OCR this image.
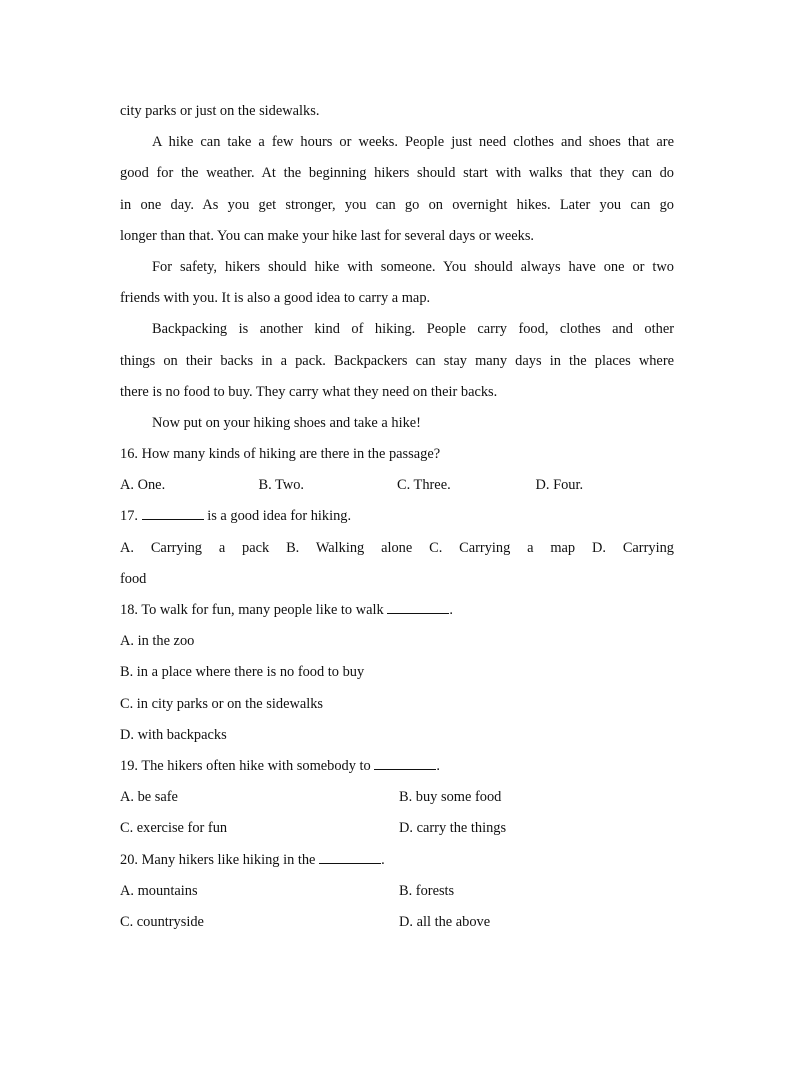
city parks or just on the sidewalks.
A hike can take a few hours or weeks. People just need clothes and shoes that are
good for the weather. At the beginning hikers should start with walks that they can do
in one day. As you get stronger, you can go on overnight hikes. Later you can go
longer than that. You can make your hike last for several days or weeks.
For safety, hikers should hike with someone. You should always have one or two
friends with you. It is also a good idea to carry a map.
Backpacking is another kind of hiking. People carry food, clothes and other
things on their backs in a pack. Backpackers can stay many days in the places where
there is no food to buy. They carry what they need on their backs.
Now put on your hiking shoes and take a hike!
16. How many kinds of hiking are there in the passage?
A. One.	B. Two.	C. Three.	D. Four.
17.	is a good idea for hiking.
A. Carrying a pack B. Walking alone C. Carrying a map D. Carrying
food
18. To walk for fun, many people like to walk	.
A. in the zoo
B. in a place where there is no food to buy
C. in city parks or on the sidewalks
D. with backpacks
19. The hikers often hike with somebody to	.
A. be safe	B. buy some food
C. exercise for fun	D. carry the things
20. Many hikers like hiking in the	.
A. mountains	B. forests
C. countryside	D. all the above
